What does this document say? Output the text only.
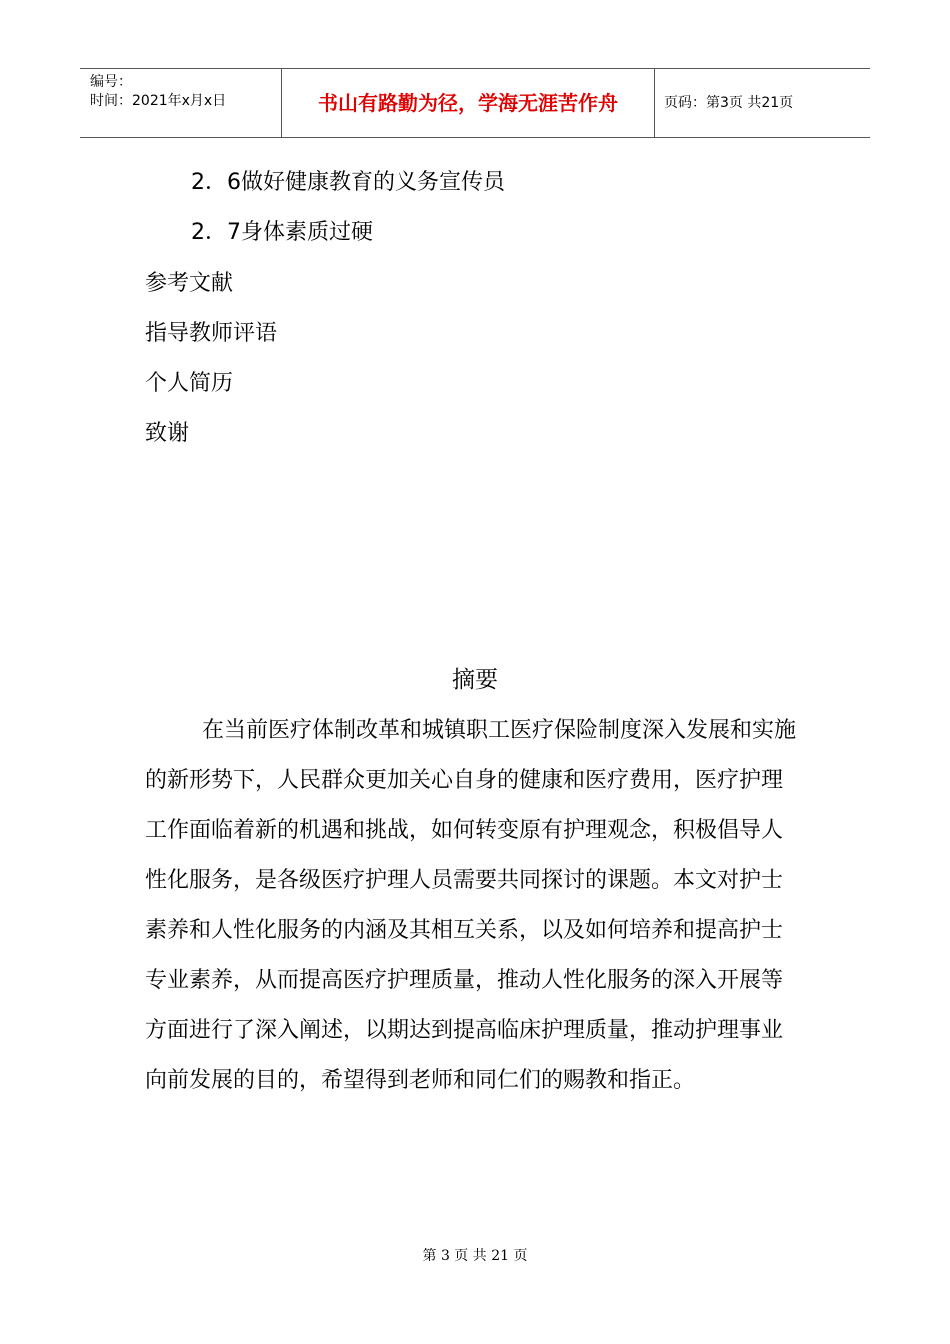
编号：
时间：2021年x月x日	书山有路勤为径，学海无涯苦作舟	页码：第3页 共21页
2．6做好健康教育的义务宣传员
2．7身体素质过硬
参考文献
指导教师评语
个人简历
致谢
摘要
在当前医疗体制改革和城镇职工医疗保险制度深入发展和实施
的新形势下，人民群众更加关心自身的健康和医疗费用，医疗护理
工作面临着新的机遇和挑战，如何转变原有护理观念，积极倡导人
性化服务，是各级医疗护理人员需要共同探讨的课题。本文对护士
素养和人性化服务的内涵及其相互关系，以及如何培养和提高护士
专业素养，从而提高医疗护理质量，推动人性化服务的深入开展等
方面进行了深入阐述，以期达到提高临床护理质量，推动护理事业
向前发展的目的，希望得到老师和同仁们的赐教和指正。
第 3 页 共 21 页
